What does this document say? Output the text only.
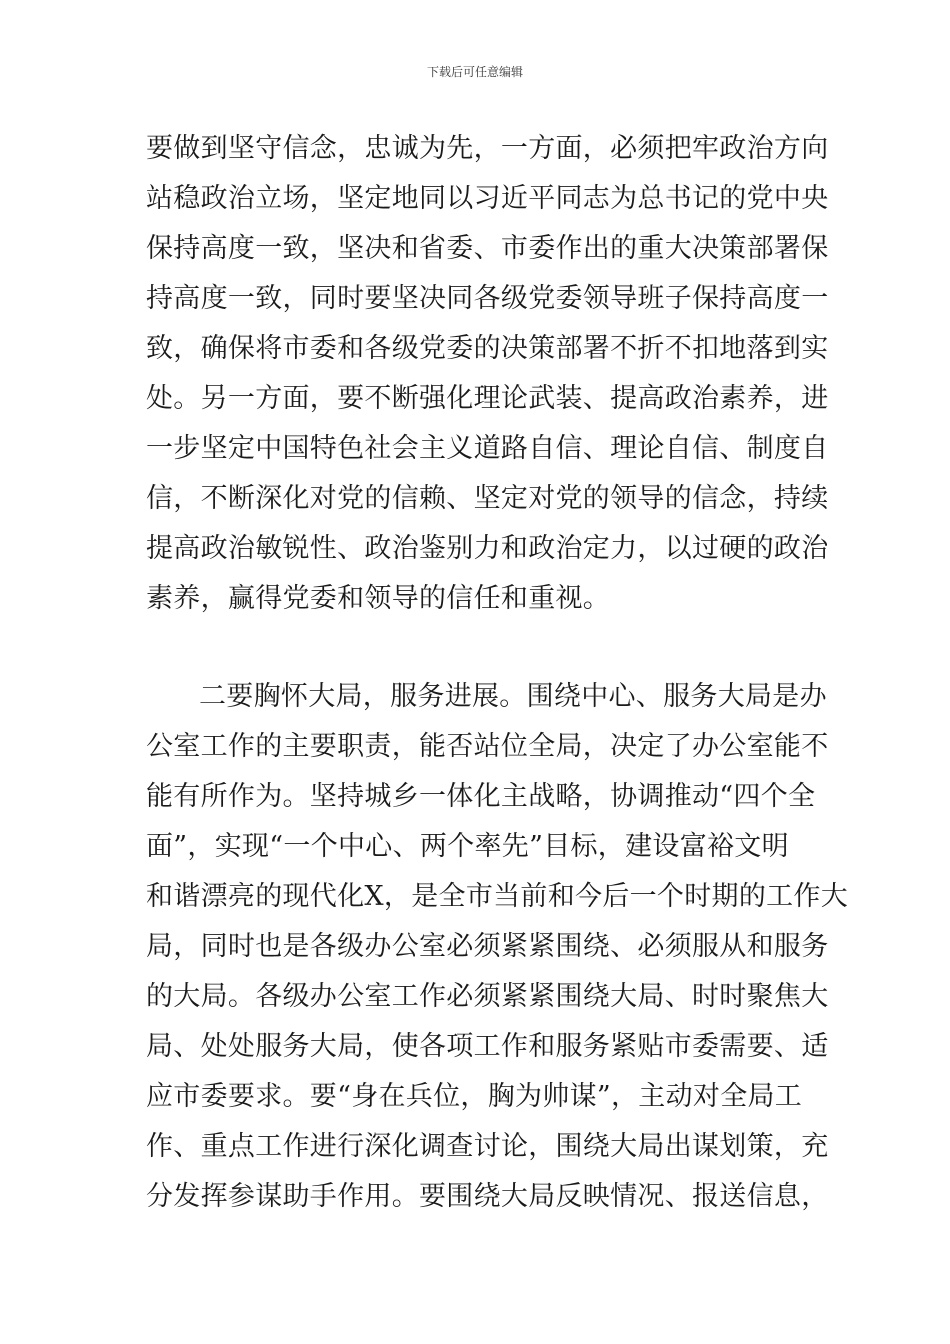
下载后可任意编辑

要做到坚守信念，忠诚为先，一方面，必须把牢政治方向

站稳政治立场，坚定地同以习近平同志为总书记的党中央

保持高度一致，坚决和省委、市委作出的重大决策部署保

持高度一致，同时要坚决同各级党委领导班子保持高度一

致，确保将市委和各级党委的决策部署不折不扣地落到实

处。另一方面，要不断强化理论武装、提高政治素养，进

一步坚定中国特色社会主义道路自信、理论自信、制度自

信，不断深化对党的信赖、坚定对党的领导的信念，持续

提高政治敏锐性、政治鉴别力和政治定力，以过硬的政治

素养，赢得党委和领导的信任和重视。

二要胸怀大局，服务进展。围绕中心、服务大局是办

公室工作的主要职责，能否站位全局，决定了办公室能不

能有所作为。坚持城乡一体化主战略，协调推动“四个全

面”，实现“一个中心、两个率先”目标，建设富裕文明

和谐漂亮的现代化X，是全市当前和今后一个时期的工作大

局，同时也是各级办公室必须紧紧围绕、必须服从和服务

的大局。各级办公室工作必须紧紧围绕大局、时时聚焦大

局、处处服务大局，使各项工作和服务紧贴市委需要、适

应市委要求。要“身在兵位，胸为帅谋”，主动对全局工

作、重点工作进行深化调查讨论，围绕大局出谋划策，充

分发挥参谋助手作用。要围绕大局反映情况、报送信息，
